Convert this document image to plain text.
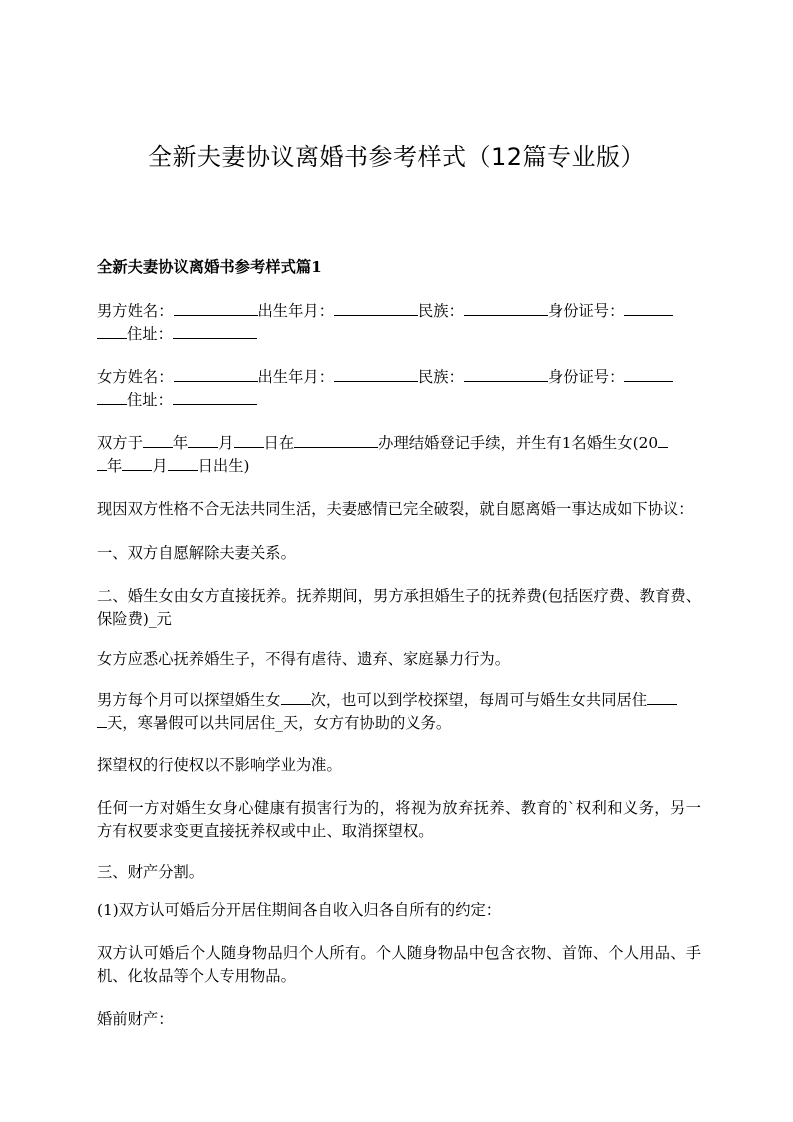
全新夫妻协议离婚书参考样式（12篇专业版）

全新夫妻协议离婚书参考样式篇1

男方姓名：	出生年月：	民族：	身份证号：
住址：

女方姓名：	出生年月：	民族：	身份证号：
住址：

双方于 年 月 日在	办理结婚登记手续，并生有1名婚生女(20
年 月 日出生)

现因双方性格不合无法共同生活，夫妻感情已完全破裂，就自愿离婚一事达成如下协议：

一、双方自愿解除夫妻关系。

二、婚生女由女方直接抚养。抚养期间，男方承担婚生子的抚养费(包括医疗费、教育费、保险费)_元

女方应悉心抚养婚生子，不得有虐待、遗弃、家庭暴力行为。

男方每个月可以探望婚生女 次，也可以到学校探望，每周可与婚生女共同居住
天，寒暑假可以共同居住_天，女方有协助的义务。

探望权的行使权以不影响学业为准。

任何一方对婚生女身心健康有损害行为的，将视为放弃抚养、教育的`权利和义务，另一方有权要求变更直接抚养权或中止、取消探望权。

三、财产分割。

(1)双方认可婚后分开居住期间各自收入归各自所有的约定：

双方认可婚后个人随身物品归个人所有。个人随身物品中包含衣物、首饰、个人用品、手机、化妆品等个人专用物品。

婚前财产：
